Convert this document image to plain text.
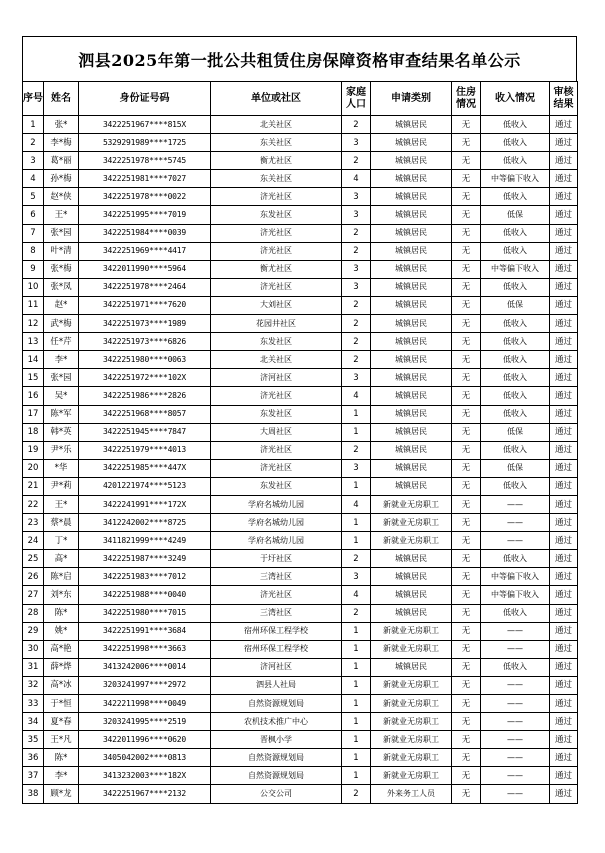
泗县2025年第一批公共租赁住房保障资格审查结果名单公示
序号	姓名	身份证号码	单位或社区	家庭人口	申请类别	住房情况	收入情况	审核结果
1	张*	3422251967****815X	北关社区	2	城镇居民	无	低收入	通过
2	李*梅	5329291989****1725	东关社区	3	城镇居民	无	低收入	通过
3	葛*丽	3422251978****5745	衡尤社区	2	城镇居民	无	低收入	通过
4	孙*梅	3422251981****7027	东关社区	4	城镇居民	无	中等偏下收入	通过
5	赵*侠	3422251978****0022	济光社区	3	城镇居民	无	低收入	通过
6	王*	3422251995****7019	东发社区	3	城镇居民	无	低保	通过
7	张*园	3422251984****0039	济光社区	2	城镇居民	无	低收入	通过
8	叶*清	3422251969****4417	济光社区	2	城镇居民	无	低收入	通过
9	张*梅	3422011990****5964	衡尤社区	3	城镇居民	无	中等偏下收入	通过
10	张*凤	3422251978****2464	济光社区	3	城镇居民	无	低收入	通过
11	赵*	3422251971****7620	大刘社区	2	城镇居民	无	低保	通过
12	武*梅	3422251973****1989	花园井社区	2	城镇居民	无	低收入	通过
13	任*芹	3422251973****6826	东发社区	2	城镇居民	无	低收入	通过
14	李*	3422251980****0063	北关社区	2	城镇居民	无	低收入	通过
15	张*园	3422251972****102X	济河社区	3	城镇居民	无	低收入	通过
16	吴*	3422251986****2826	济光社区	4	城镇居民	无	低收入	通过
17	陈*军	3422251968****8057	东发社区	1	城镇居民	无	低收入	通过
18	韩*英	3422251945****7847	大周社区	1	城镇居民	无	低保	通过
19	尹*乐	3422251979****4013	济光社区	2	城镇居民	无	低收入	通过
20	*华	3422251985****447X	济光社区	3	城镇居民	无	低保	通过
21	尹*莉	4201221974****5123	东发社区	1	城镇居民	无	低收入	通过
22	王*	3422241991****172X	学府名城幼儿园	4	新就业无房职工	无	——	通过
23	蔡*晨	3412242002****8725	学府名城幼儿园	1	新就业无房职工	无	——	通过
24	丁*	3411821999****4249	学府名城幼儿园	1	新就业无房职工	无	——	通过
25	高*	3422251987****3249	于圩社区	2	城镇居民	无	低收入	通过
26	陈*启	3422251983****7012	三湾社区	3	城镇居民	无	中等偏下收入	通过
27	刘*东	3422251988****0040	济光社区	4	城镇居民	无	中等偏下收入	通过
28	陈*	3422251980****7015	三湾社区	2	城镇居民	无	低收入	通过
29	姚*	3422251991****3684	宿州环保工程学校	1	新就业无房职工	无	——	通过
30	高*艳	3422251998****3663	宿州环保工程学校	1	新就业无房职工	无	——	通过
31	薛*烨	3413242006****0014	济河社区	1	城镇居民	无	低收入	通过
32	高*冰	3203241997****2972	泗县人社局	1	新就业无房职工	无	——	通过
33	于*恒	3422211998****0049	自然资源规划局	1	新就业无房职工	无	——	通过
34	夏*春	3203241995****2519	农机技术推广中心	1	新就业无房职工	无	——	通过
35	王*凡	3422011996****0620	晋枫小学	1	新就业无房职工	无	——	通过
36	陈*	3405042002****0813	自然资源规划局	1	新就业无房职工	无	——	通过
37	李*	3413232003****182X	自然资源规划局	1	新就业无房职工	无	——	通过
38	顾*龙	3422251967****2132	公交公司	2	外来务工人员	无	——	通过
